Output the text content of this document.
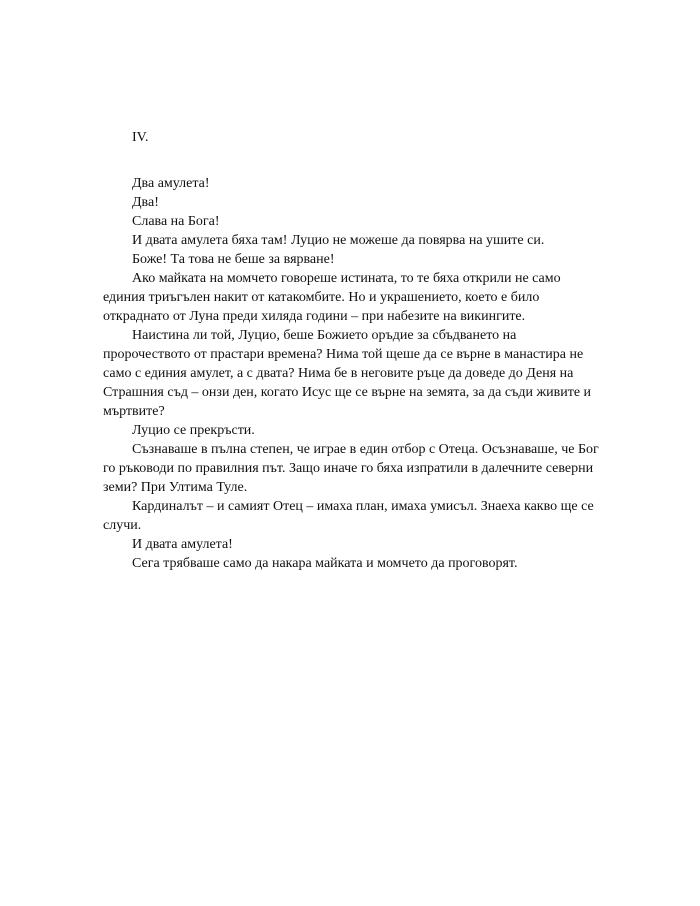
IV.
Два амулета!
Два!
Слава на Бога!
И двата амулета бяха там! Луцио не можеше да повярва на ушите си.
Боже! Та това не беше за вярване!
Ако майката на момчето говореше истината, то те бяха открили не само
единия триъгълен накит от катакомбите. Но и украшението, което е било
откраднато от Луна преди хиляда години – при набезите на викингите.
Наистина ли той, Луцио, беше Божието оръдие за сбъдването на
пророчеството от прастари времена? Нима той щеше да се върне в манастира не
само с единия амулет, а с двата? Нима бе в неговите ръце да доведе до Деня на
Страшния съд – онзи ден, когато Исус ще се върне на земята, за да съди живите и
мъртвите?
Луцио се прекръсти.
Съзнаваше в пълна степен, че играе в един отбор с Отеца. Осъзнаваше, че Бог
го ръководи по правилния път. Защо иначе го бяха изпратили в далечните северни
земи? При Ултима Туле.
Кардиналът – и самият Отец – имаха план, имаха умисъл. Знаеха какво ще се
случи.
И двата амулета!
Сега трябваше само да накара майката и момчето да проговорят.
